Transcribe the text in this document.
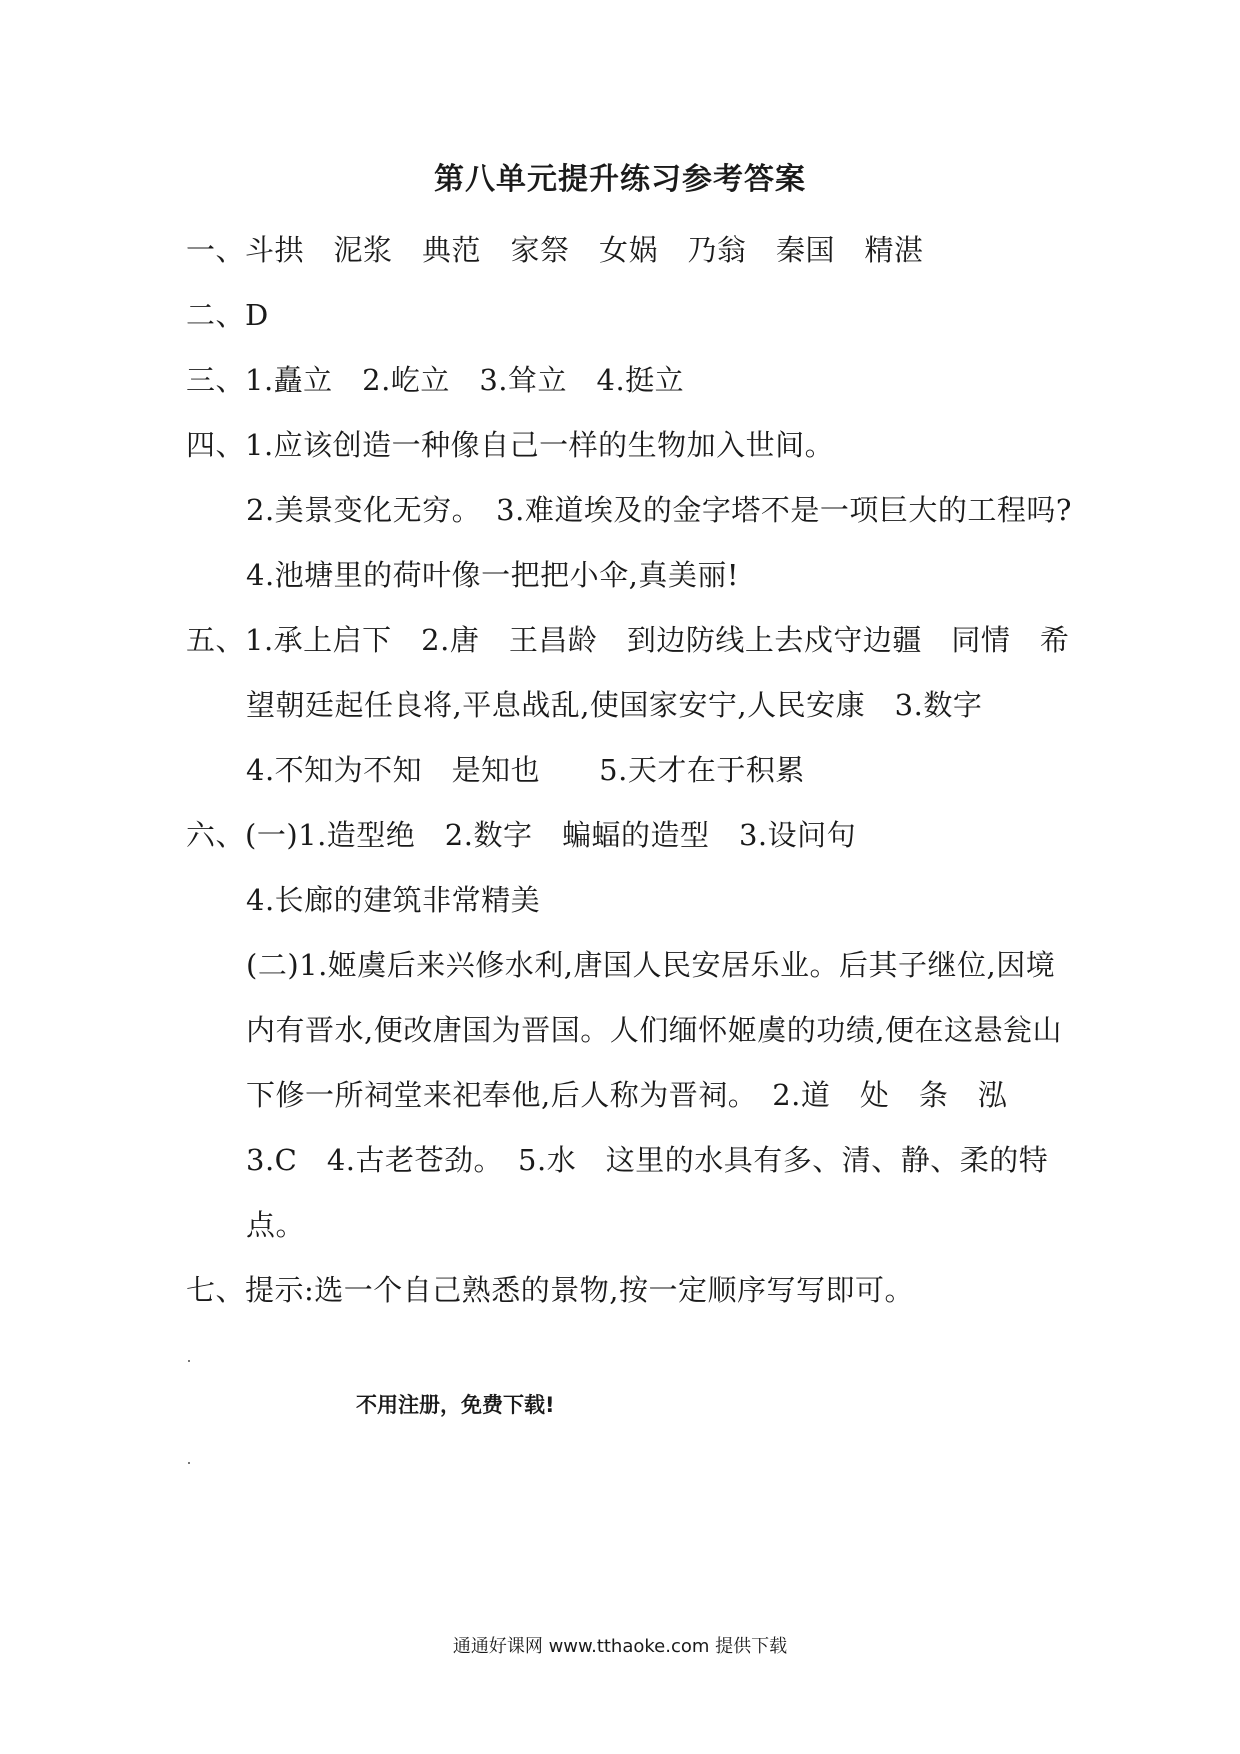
第八单元提升练习参考答案
一、斗拱　泥浆　典范　家祭　女娲　乃翁　秦国　精湛
二、D
三、1.矗立　2.屹立　3.耸立　4.挺立
四、1.应该创造一种像自己一样的生物加入世间。
2.美景变化无穷。　3.难道埃及的金字塔不是一项巨大的工程吗?
4.池塘里的荷叶像一把把小伞,真美丽!
五、1.承上启下　2.唐　王昌龄　到边防线上去戍守边疆　同情　希
望朝廷起任良将,平息战乱,使国家安宁,人民安康　3.数字
4.不知为不知　是知也　　5.天才在于积累
六、(一)1.造型绝　2.数字　蝙蝠的造型　3.设问句
4.长廊的建筑非常精美
(二)1.姬虞后来兴修水利,唐国人民安居乐业。后其子继位,因境
内有晋水,便改唐国为晋国。人们缅怀姬虞的功绩,便在这悬瓮山
下修一所祠堂来祀奉他,后人称为晋祠。　2.道　处　条　泓
3.C　4.古老苍劲。　5.水　这里的水具有多、清、静、柔的特
点。
七、提示:选一个自己熟悉的景物,按一定顺序写写即可。
不用注册，免费下载!
通通好课网 www.tthaoke.com 提供下载
